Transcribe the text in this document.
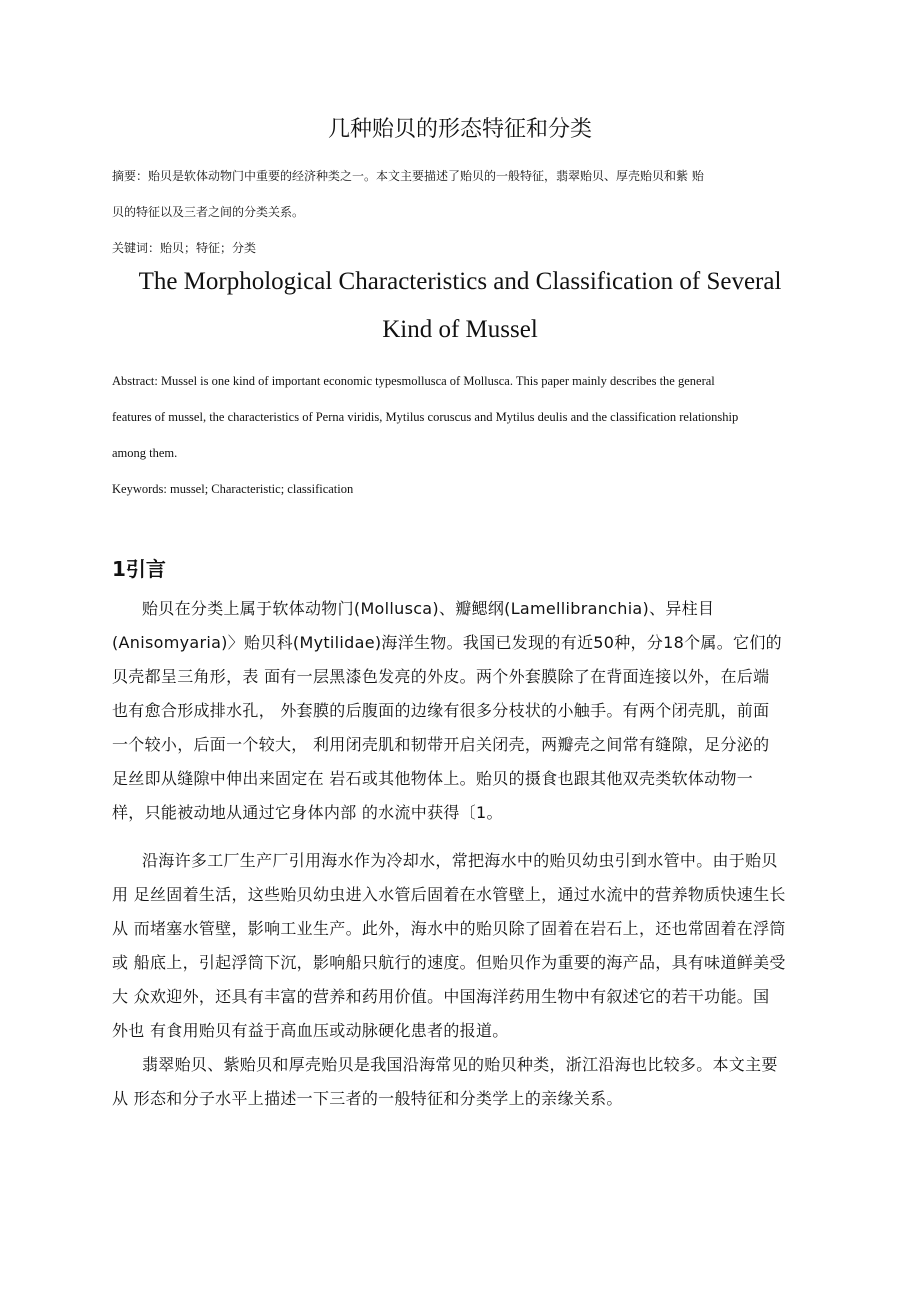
几种贻贝的形态特征和分类
摘要：贻贝是软体动物门中重要的经济种类之一。本文主要描述了贻贝的一般特征，翡翠贻贝、厚壳贻贝和紫 贻
贝的特征以及三者之间的分类关系。
关键词：贻贝；特征；分类
The Morphological Characteristics and Classification of Several
Kind of Mussel
Abstract: Mussel is one kind of important economic typesmollusca of Mollusca. This paper mainly describes the general
features of mussel, the characteristics of Perna viridis, Mytilus coruscus and Mytilus deulis and the classification relationship
among them.
Keywords: mussel; Characteristic; classification
1引言
贻贝在分类上属于软体动物门(Mollusca)、瓣鳃纲(Lamellibranchia)、异柱目
(Anisomyaria)〉贻贝科(Mytilidae)海洋生物。我国已发现的有近50种，分18个属。它们的
贝壳都呈三角形，表 面有一层黑漆色发亮的外皮。两个外套膜除了在背面连接以外，在后端
也有愈合形成排水孔， 外套膜的后腹面的边缘有很多分枝状的小触手。有两个闭壳肌，前面
一个较小，后面一个较大， 利用闭壳肌和韧带开启关闭壳，两瓣壳之间常有缝隙，足分泌的
足丝即从缝隙中伸出来固定在 岩石或其他物体上。贻贝的摄食也跟其他双壳类软体动物一
样，只能被动地从通过它身体内部 的水流中获得〔1。
沿海许多工厂生产厂引用海水作为冷却水，常把海水中的贻贝幼虫引到水管中。由于贻贝
用 足丝固着生活，这些贻贝幼虫进入水管后固着在水管壁上，通过水流中的营养物质快速生长
从 而堵塞水管壁，影响工业生产。此外，海水中的贻贝除了固着在岩石上，还也常固着在浮筒
或 船底上，引起浮筒下沉，影响船只航行的速度。但贻贝作为重要的海产品，具有味道鲜美受
大 众欢迎外，还具有丰富的营养和药用价值。中国海洋药用生物中有叙述它的若干功能。国
外也 有食用贻贝有益于高血压或动脉硬化患者的报道。
翡翠贻贝、紫贻贝和厚壳贻贝是我国沿海常见的贻贝种类，浙江沿海也比较多。本文主要
从 形态和分子水平上描述一下三者的一般特征和分类学上的亲缘关系。
